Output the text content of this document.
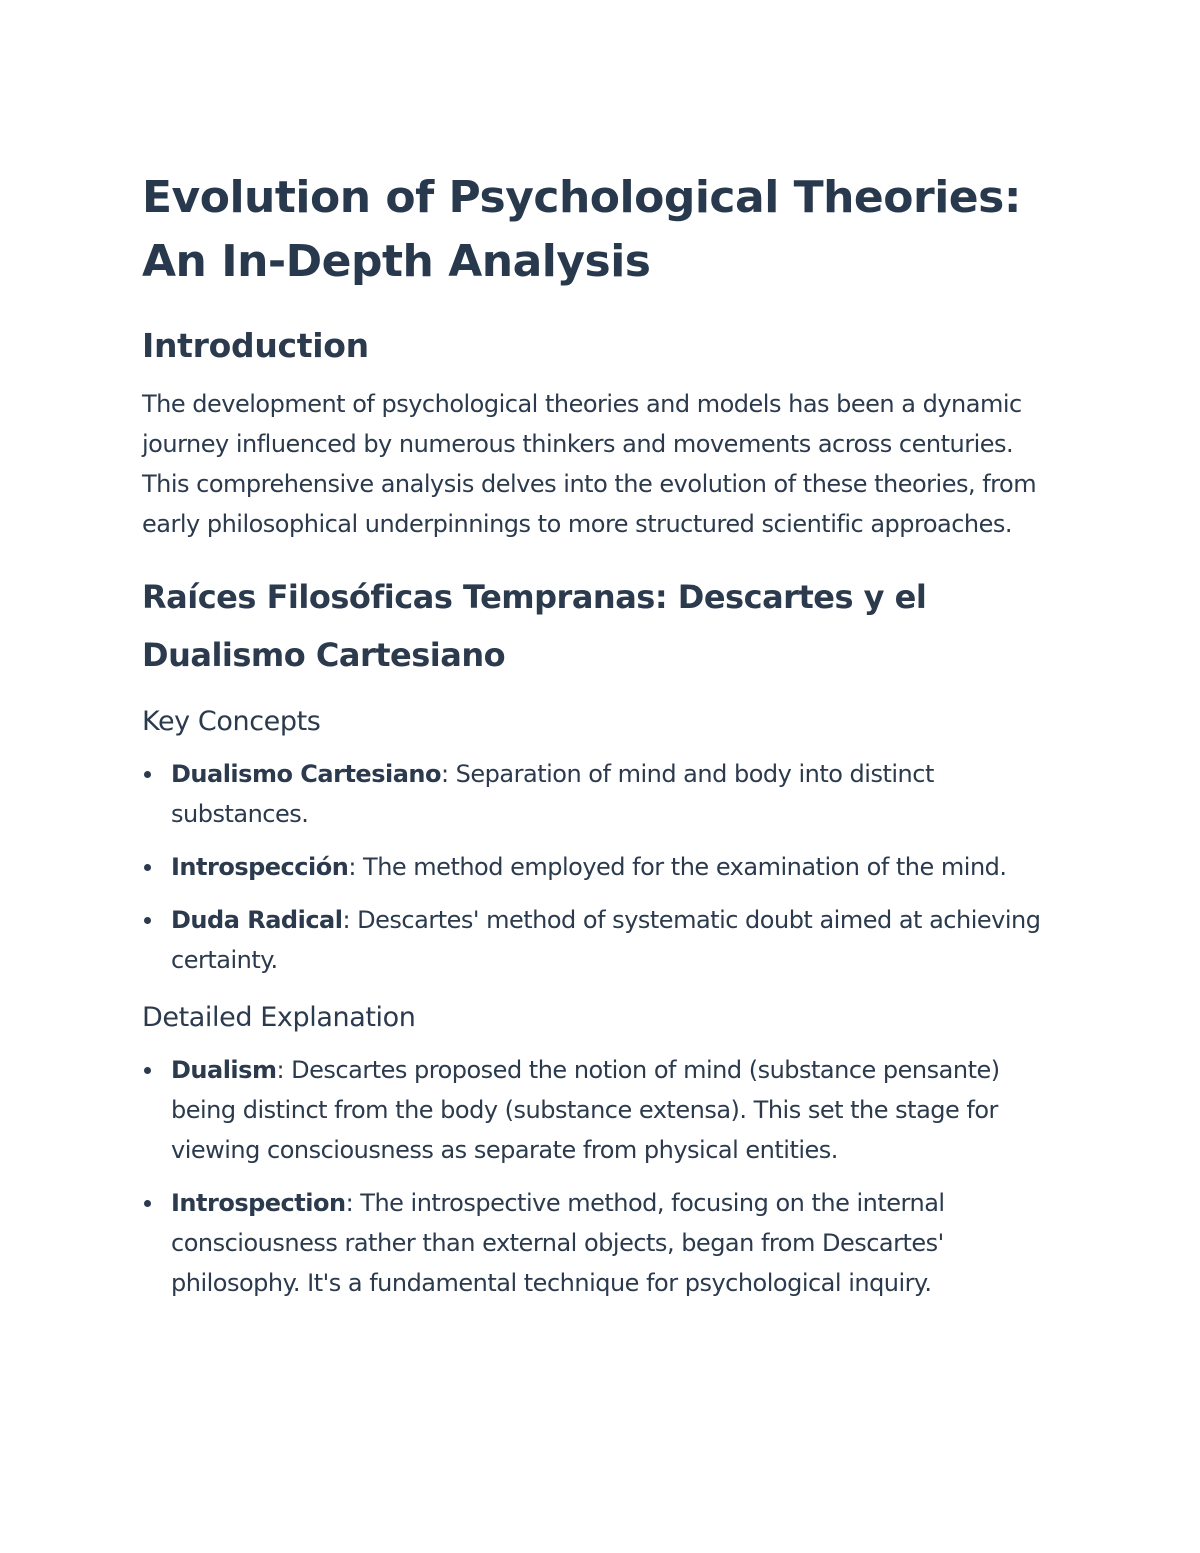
Evolution of Psychological Theories: An In-Depth Analysis
Introduction

The development of psychological theories and models has been a dynamic journey influenced by numerous thinkers and movements across centuries. This comprehensive analysis delves into the evolution of these theories, from early philosophical underpinnings to more structured scientific approaches.

Raíces Filosóficas Tempranas: Descartes y el Dualismo Cartesiano
Key Concepts
Dualismo Cartesiano: Separation of mind and body into distinct substances.
Introspección: The method employed for the examination of the mind.
Duda Radical: Descartes' method of systematic doubt aimed at achieving certainty.
Detailed Explanation
Dualism: Descartes proposed the notion of mind (substance pensante) being distinct from the body (substance extensa). This set the stage for viewing consciousness as separate from physical entities.
Introspection: The introspective method, focusing on the internal consciousness rather than external objects, began from Descartes' philosophy. It's a fundamental technique for psychological inquiry.
